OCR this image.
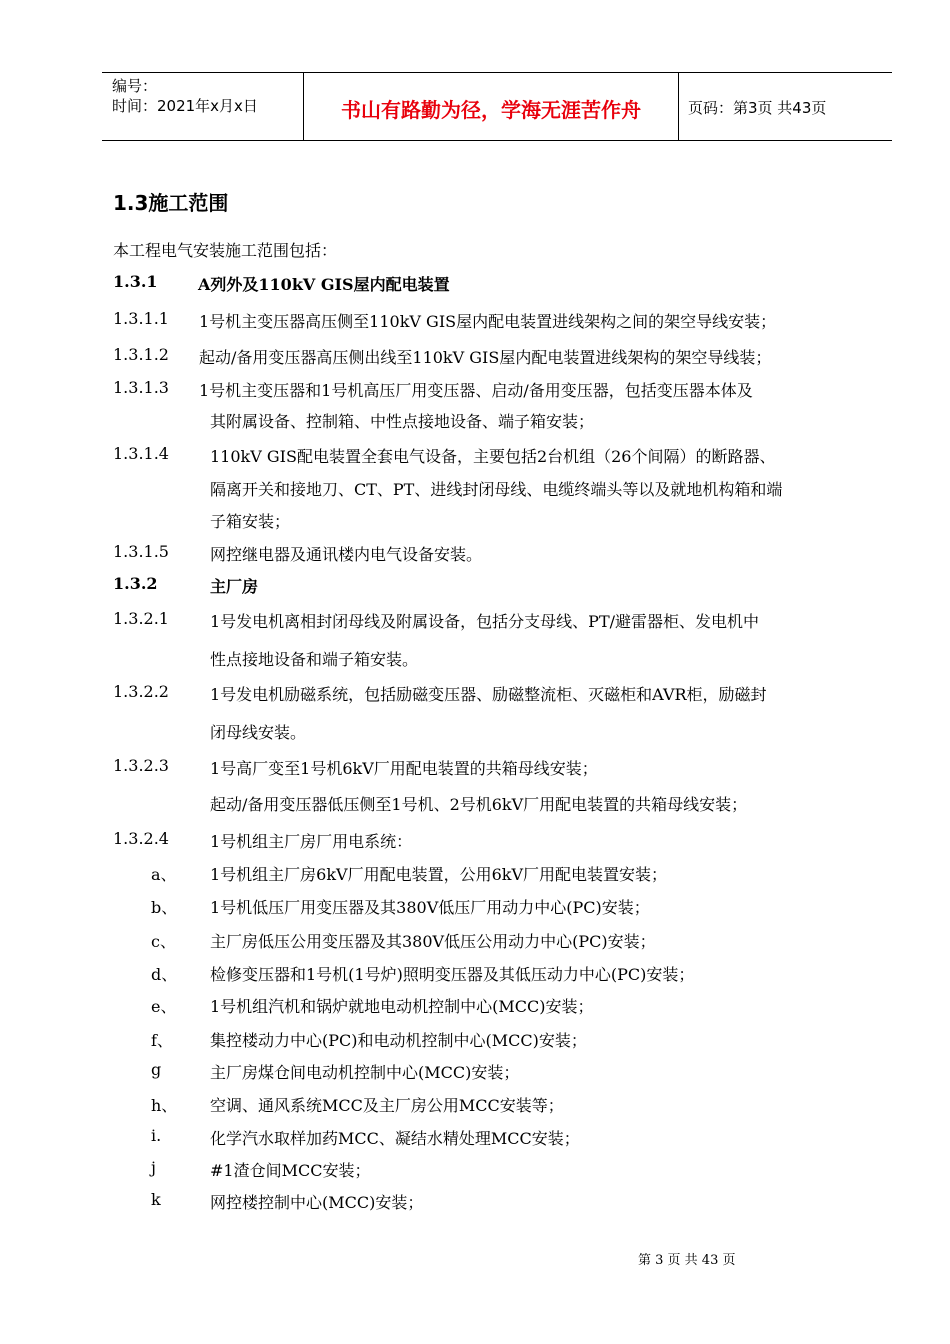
编号：
时间：2021年x月x日	书山有路勤为径，学海无涯苦作舟	页码：第3页 共43页
1.3施工范围
本工程电气安装施工范围包括：
1.3.1	A列外及110kV GIS屋内配电装置
1.3.1.1 1号机主变压器高压侧至110kV GIS屋内配电装置进线架构之间的架空导线安装；
1.3.1.2 起动/备用变压器高压侧出线至110kV GIS屋内配电装置进线架构的架空导线装；
1.3.1.3 1号机主变压器和1号机高压厂用变压器、启动/备用变压器，包括变压器本体及
其附属设备、控制箱、中性点接地设备、端子箱安装；
1.3.1.4	110kV GIS配电装置全套电气设备，主要包括2台机组（26个间隔）的断路器、
隔离开关和接地刀、CT、PT、进线封闭母线、电缆终端头等以及就地机构箱和端
子箱安装；
1.3.1.5	网控继电器及通讯楼内电气设备安装。
1.3.2	主厂房
1.3.2.1	1号发电机离相封闭母线及附属设备，包括分支母线、PT/避雷器柜、发电机中
性点接地设备和端子箱安装。
1.3.2.2	1号发电机励磁系统，包括励磁变压器、励磁整流柜、灭磁柜和AVR柜，励磁封
闭母线安装。
1.3.2.3	1号高厂变至1号机6kV厂用配电装置的共箱母线安装；
起动/备用变压器低压侧至1号机、2号机6kV厂用配电装置的共箱母线安装；
1.3.2.4	1号机组主厂房厂用电系统：
a、 1号机组主厂房6kV厂用配电装置，公用6kV厂用配电装置安装；
b、 1号机低压厂用变压器及其380V低压厂用动力中心(PC)安装；
c、 主厂房低压公用变压器及其380V低压公用动力中心(PC)安装；
d、 检修变压器和1号机(1号炉)照明变压器及其低压动力中心(PC)安装；
e、 1号机组汽机和锅炉就地电动机控制中心(MCC)安装；
f、 集控楼动力中心(PC)和电动机控制中心(MCC)安装；
g	主厂房煤仓间电动机控制中心(MCC)安装；
h、 空调、通风系统MCC及主厂房公用MCC安装等；
i.	化学汽水取样加药MCC、凝结水精处理MCC安装；
j	#1渣仓间MCC安装；
k	网控楼控制中心(MCC)安装；
第 3 页 共 43 页
